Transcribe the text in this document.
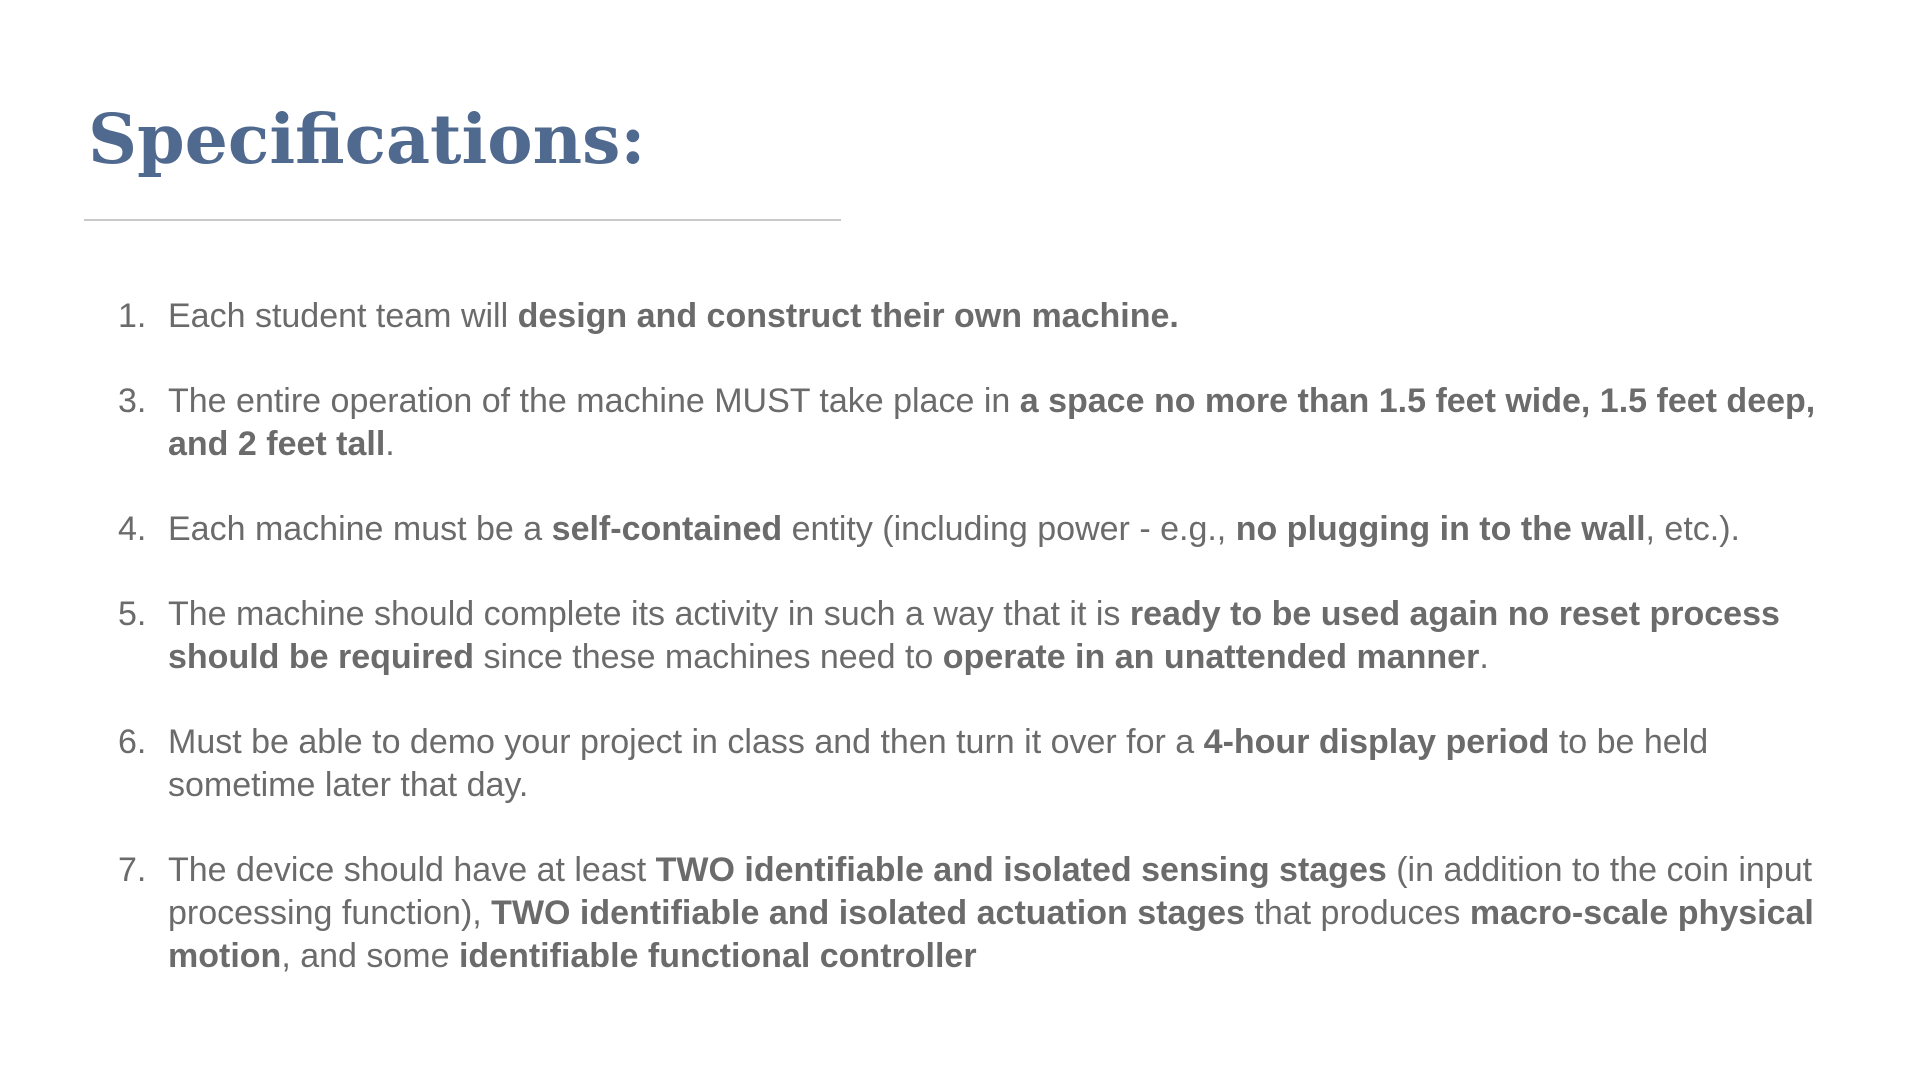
Specifications:
1. Each student team will design and construct their own machine.
3. The entire operation of the machine MUST take place in a space no more than 1.5 feet wide, 1.5 feet deep, and 2 feet tall.
4. Each machine must be a self-contained entity (including power - e.g., no plugging in to the wall, etc.).
5. The machine should complete its activity in such a way that it is ready to be used again no reset process should be required since these machines need to operate in an unattended manner.
6. Must be able to demo your project in class and then turn it over for a 4-hour display period to be held sometime later that day.
7. The device should have at least TWO identifiable and isolated sensing stages (in addition to the coin input processing function), TWO identifiable and isolated actuation stages that produces macro-scale physical motion, and some identifiable functional controller
